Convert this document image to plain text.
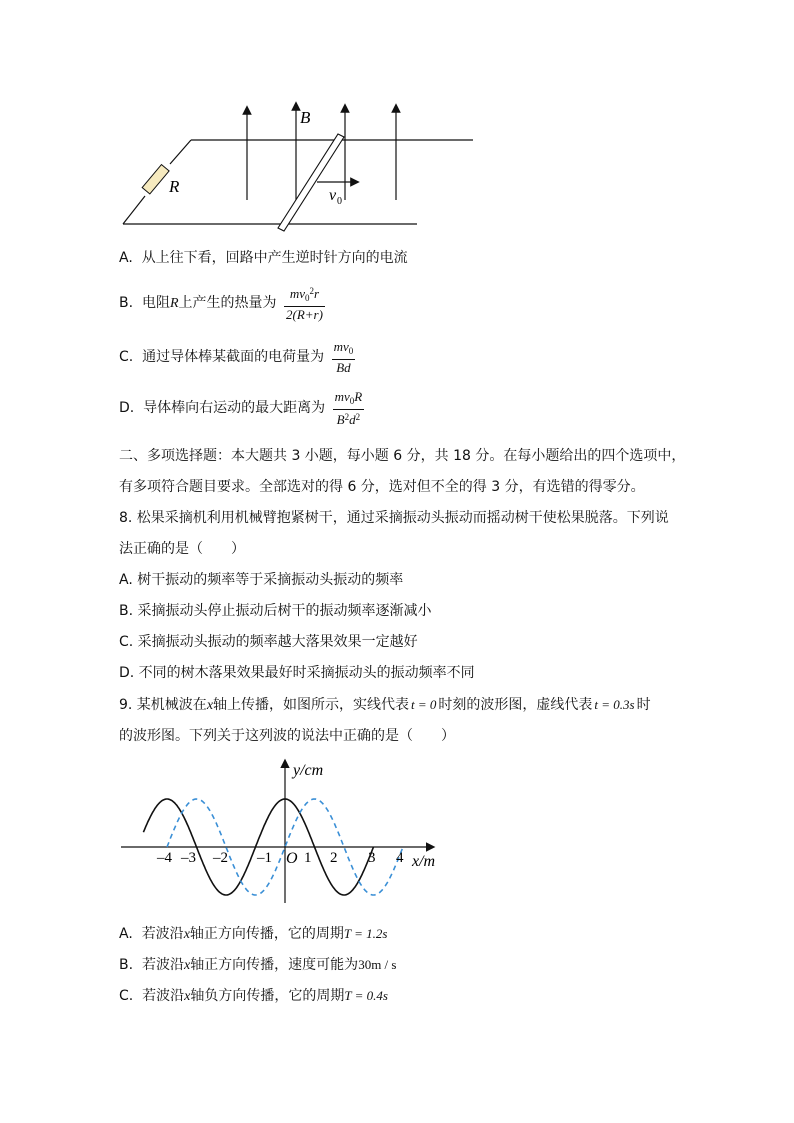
B
R	v 0
A. 从上往下看，回路中产生逆时针方向的电流
B. 电阻R上产生的热量为 $\frac{mv_0^2r}{2(R+r)}$
C. 通过导体棒某截面的电荷量为 $\frac{mv_0}{Bd}$
D. 导体棒向右运动的最大距离为 $\frac{mv_0R}{B^2d^2}$
二、多项选择题：本大题共 3 小题，每小题 6 分，共 18 分。在每小题给出的四个选项中，
有多项符合题目要求。全部选对的得 6 分，选对但不全的得 3 分，有选错的得零分。
8. 松果采摘机利用机械臂抱紧树干，通过采摘振动头振动而摇动树干使松果脱落。下列说
法正确的是（　　）
A. 树干振动的频率等于采摘振动头振动的频率
B. 采摘振动头停止振动后树干的振动频率逐渐减小
C. 采摘振动头振动的频率越大落果效果一定越好
D. 不同的树木落果效果最好时采摘振动头的振动频率不同
9. 某机械波在x轴上传播，如图所示，实线代表 t = 0 时刻的波形图，虚线代表 t = 0.3s 时
的波形图。下列关于这列波的说法中正确的是（　　）
y/cm
x/m
O
–4 –3 –2 –1 1 2 3 4
A. 若波沿x轴正方向传播，它的周期T = 1.2s
B. 若波沿x轴正方向传播，速度可能为30m / s
C. 若波沿x轴负方向传播，它的周期T = 0.4s
